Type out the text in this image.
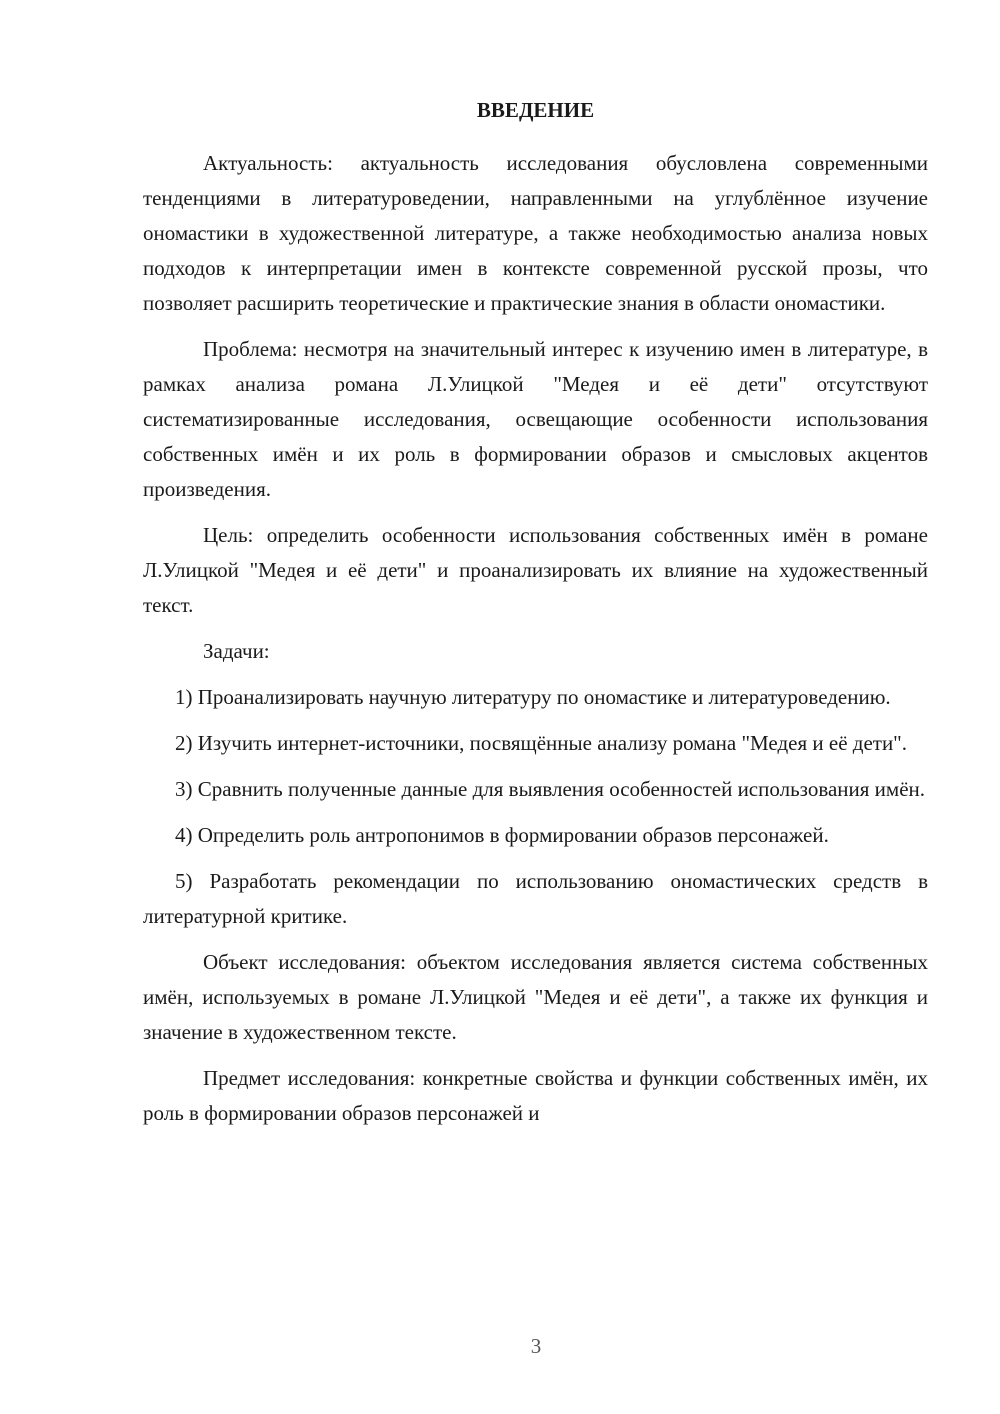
ВВЕДЕНИЕ

Актуальность: актуальность исследования обусловлена современными тенденциями в литературоведении, направленными на углублённое изучение ономастики в художественной литературе, а также необходимостью анализа новых подходов к интерпретации имен в контексте современной русской прозы, что позволяет расширить теоретические и практические знания в области ономастики.

Проблема: несмотря на значительный интерес к изучению имен в литературе, в рамках анализа романа Л.Улицкой "Медея и её дети" отсутствуют систематизированные исследования, освещающие особенности использования собственных имён и их роль в формировании образов и смысловых акцентов произведения.

Цель: определить особенности использования собственных имён в романе Л.Улицкой "Медея и её дети" и проанализировать их влияние на художественный текст.

Задачи:

1) Проанализировать научную литературу по ономастике и литературоведению.

2) Изучить интернет-источники, посвящённые анализу романа "Медея и её дети".

3) Сравнить полученные данные для выявления особенностей использования имён.

4) Определить роль антропонимов в формировании образов персонажей.

5) Разработать рекомендации по использованию ономастических средств в литературной критике.

Объект исследования: объектом исследования является система собственных имён, используемых в романе Л.Улицкой "Медея и её дети", а также их функция и значение в художественном тексте.

Предмет исследования: конкретные свойства и функции собственных имён, их роль в формировании образов персонажей и

3
